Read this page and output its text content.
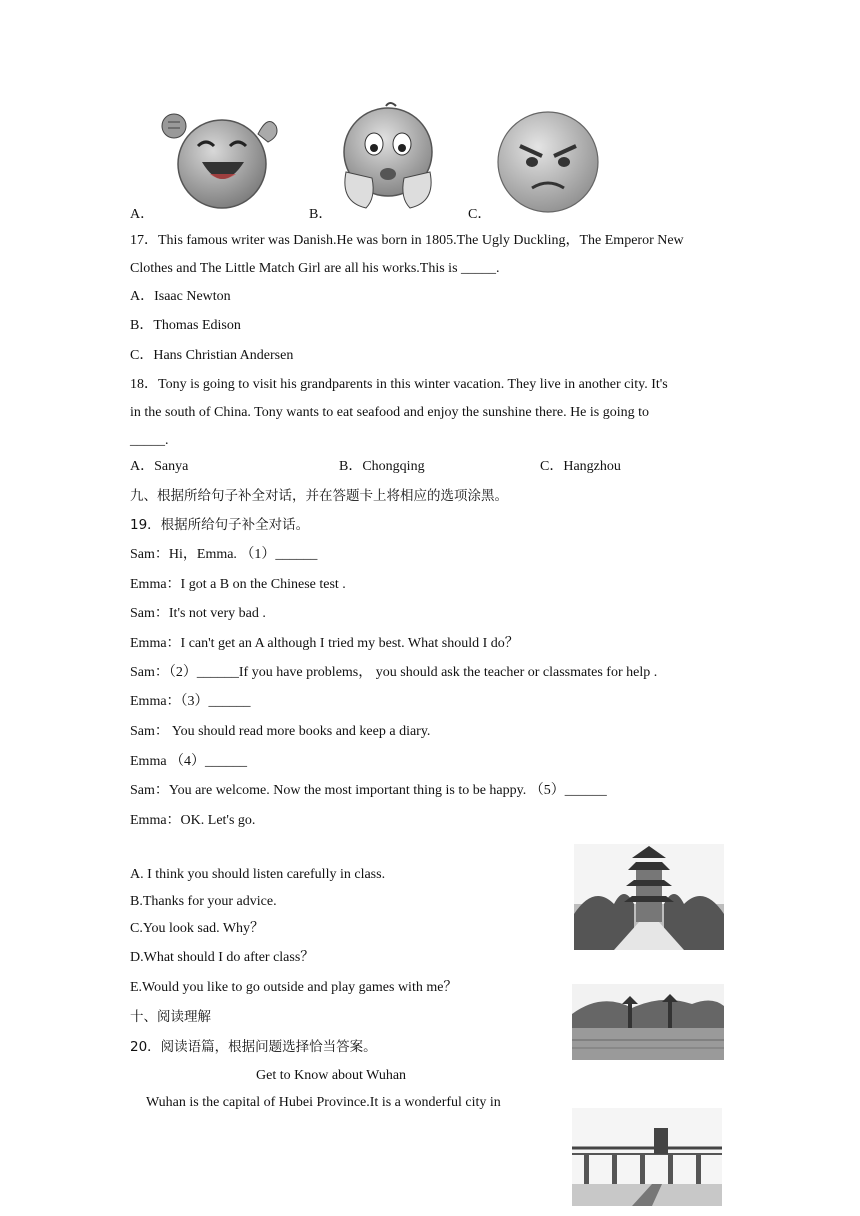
A．	B．	C．
17．This famous writer was Danish.He was born in 1805.The Ugly Duckling，The Emperor New
Clothes and The Little Match Girl are all his works.This is _____.
A．Isaac Newton
B．Thomas Edison
C．Hans Christian Andersen
18．Tony is going to visit his grandparents in this winter vacation. They live in another city. It's
in the south of China. Tony wants to eat seafood and enjoy the sunshine there. He is going to
_____.
A．Sanya	B．Chongqing	C．Hangzhou
九、根据所给句子补全对话，并在答题卡上将相应的选项涂黑。
19．根据所给句子补全对话。
Sam：Hi，Emma. （1）______
Emma：I got a B on the Chinese test .
Sam：It's not very bad .
Emma：I can't get an A although I tried my best. What should I do？
Sam：（2）______If you have problems， you should ask the teacher or classmates for help .
Emma：（3）______
Sam： You should read more books and keep a diary.
Emma （4）______
Sam：You are welcome. Now the most important thing is to be happy. （5）______
Emma：OK. Let's go.
A. I think you should listen carefully in class.
B.Thanks for your advice.
C.You look sad. Why？
D.What should I do after class？
E.Would you like to go outside and play games with me？
十、阅读理解
20．阅读语篇，根据问题选择恰当答案。
Get to Know about Wuhan
Wuhan is the capital of Hubei Province.It is a wonderful city in
